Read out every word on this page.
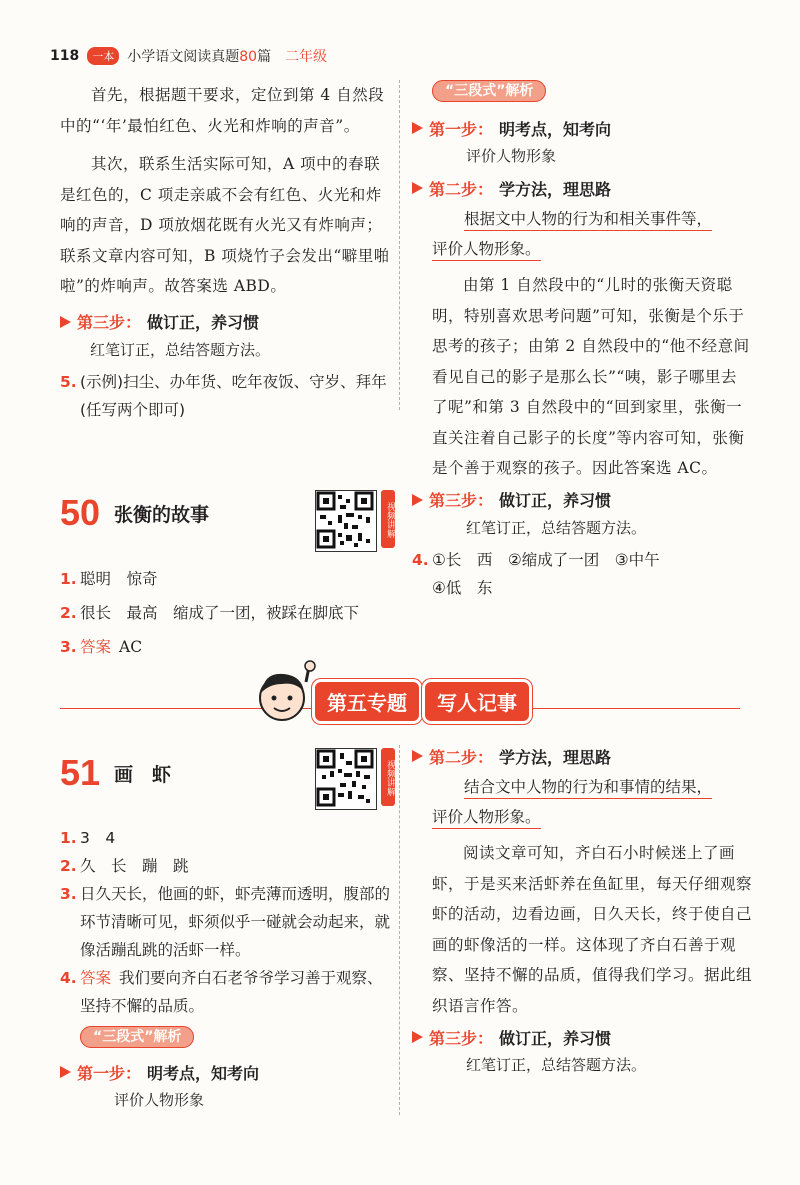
118	一本 小学语文阅读真题80篇 二年级

首先，根据题干要求，定位到第 4 自然段中的“‘年’最怕红色、火光和炸响的声音”。

其次，联系生活实际可知，A 项中的春联是红色的，C 项走亲戚不会有红色、火光和炸响的声音，D 项放烟花既有火光又有炸响声；联系文章内容可知，B 项烧竹子会发出“噼里啪啦”的炸响声。故答案选 ABD。

第三步： 做订正，养习惯
红笔订正，总结答题方法。
5. (示例)扫尘、办年货、吃年夜饭、守岁、拜年(任写两个即可)
50 张衡的故事	视频讲解
1. 聪明　惊奇
2. 很长　最高　缩成了一团，被踩在脚底下
3. 答案 AC
“三段式”解析
第一步： 明考点，知考向
评价人物形象
第二步： 学方法，理思路
根据文中人物的行为和相关事件等，
评价人物形象。

由第 1 自然段中的“儿时的张衡天资聪明，特别喜欢思考问题”可知，张衡是个乐于思考的孩子；由第 2 自然段中的“他不经意间看见自己的影子是那么长”“咦，影子哪里去了呢”和第 3 自然段中的“回到家里，张衡一直关注着自己影子的长度”等内容可知，张衡是个善于观察的孩子。因此答案选 AC。

第三步： 做订正，养习惯
红笔订正，总结答题方法。
4. ①长　西　②缩成了一团　③中午
④低　东
第五专题	写人记事
51 画　虾	视频讲解
1. 3　4
2. 久　长　蹦　跳
3. 日久天长，他画的虾，虾壳薄而透明，腹部的环节清晰可见，虾须似乎一碰就会动起来，就像活蹦乱跳的活虾一样。
4. 答案 我们要向齐白石老爷爷学习善于观察、坚持不懈的品质。
“三段式”解析
第一步： 明考点，知考向
评价人物形象
第二步： 学方法，理思路
结合文中人物的行为和事情的结果，
评价人物形象。

阅读文章可知，齐白石小时候迷上了画虾，于是买来活虾养在鱼缸里，每天仔细观察虾的活动，边看边画，日久天长，终于使自己画的虾像活的一样。这体现了齐白石善于观察、坚持不懈的品质，值得我们学习。据此组织语言作答。

第三步： 做订正，养习惯
红笔订正，总结答题方法。
